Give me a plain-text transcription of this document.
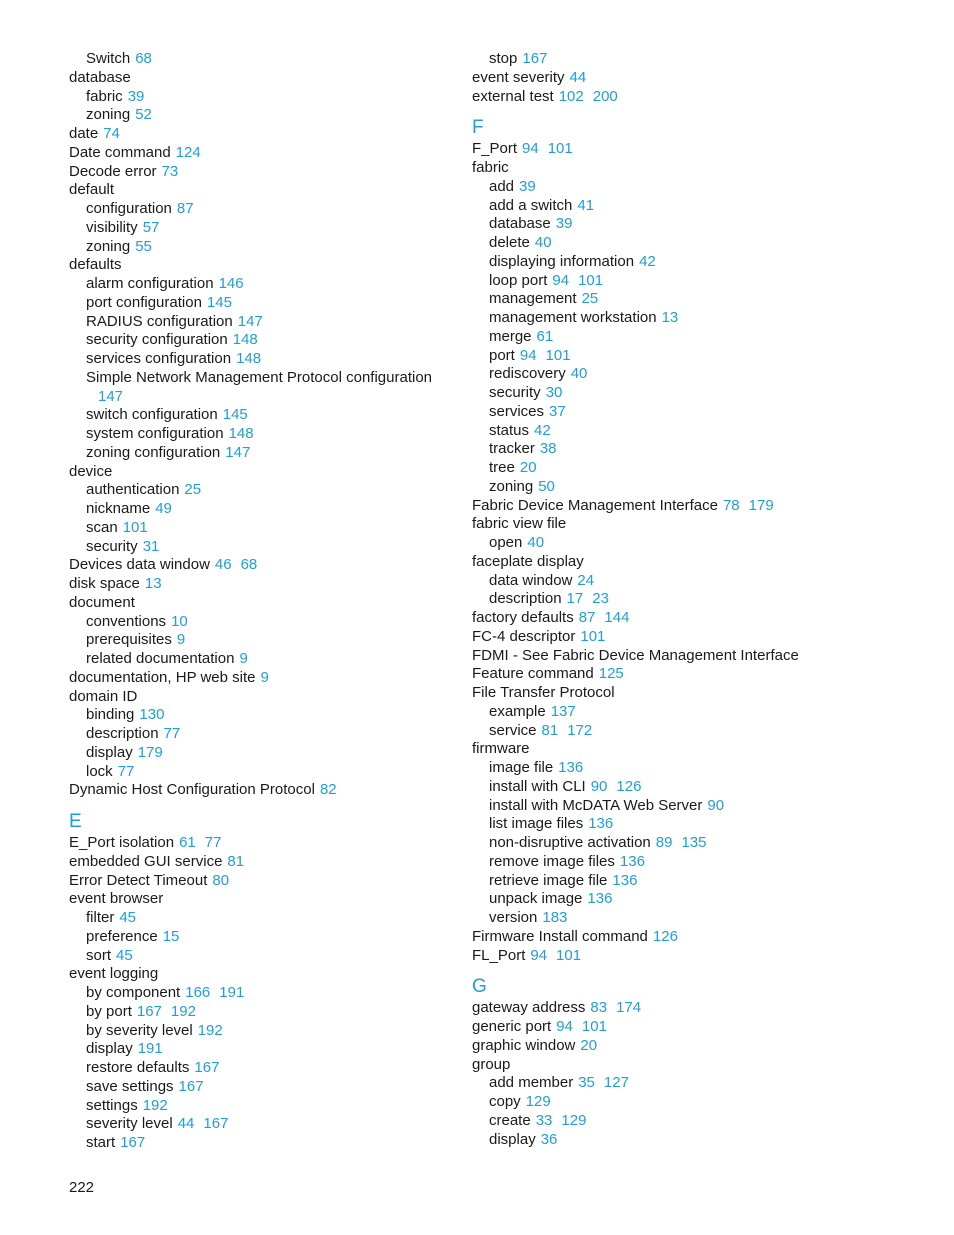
Switch 68
database
fabric 39
zoning 52
date 74
Date command 124
Decode error 73
default
configuration 87
visibility 57
zoning 55
defaults
alarm configuration 146
port configuration 145
RADIUS configuration 147
security configuration 148
services configuration 148
Simple Network Management Protocol configuration
147
switch configuration 145
system configuration 148
zoning configuration 147
device
authentication 25
nickname 49
scan 101
security 31
Devices data window 46 68
disk space 13
document
conventions 10
prerequisites 9
related documentation 9
documentation, HP web site 9
domain ID
binding 130
description 77
display 179
lock 77
Dynamic Host Configuration Protocol 82
E
E_Port isolation 61 77
embedded GUI service 81
Error Detect Timeout 80
event browser
filter 45
preference 15
sort 45
event logging
by component 166 191
by port 167 192
by severity level 192
display 191
restore defaults 167
save settings 167
settings 192
severity level 44 167
start 167
stop 167
event severity 44
external test 102 200
F
F_Port 94 101
fabric
add 39
add a switch 41
database 39
delete 40
displaying information 42
loop port 94 101
management 25
management workstation 13
merge 61
port 94 101
rediscovery 40
security 30
services 37
status 42
tracker 38
tree 20
zoning 50
Fabric Device Management Interface 78 179
fabric view file
open 40
faceplate display
data window 24
description 17 23
factory defaults 87 144
FC-4 descriptor 101
FDMI - See Fabric Device Management Interface
Feature command 125
File Transfer Protocol
example 137
service 81 172
firmware
image file 136
install with CLI 90 126
install with McDATA Web Server 90
list image files 136
non-disruptive activation 89 135
remove image files 136
retrieve image file 136
unpack image 136
version 183
Firmware Install command 126
FL_Port 94 101
G
gateway address 83 174
generic port 94 101
graphic window 20
group
add member 35 127
copy 129
create 33 129
display 36
222
